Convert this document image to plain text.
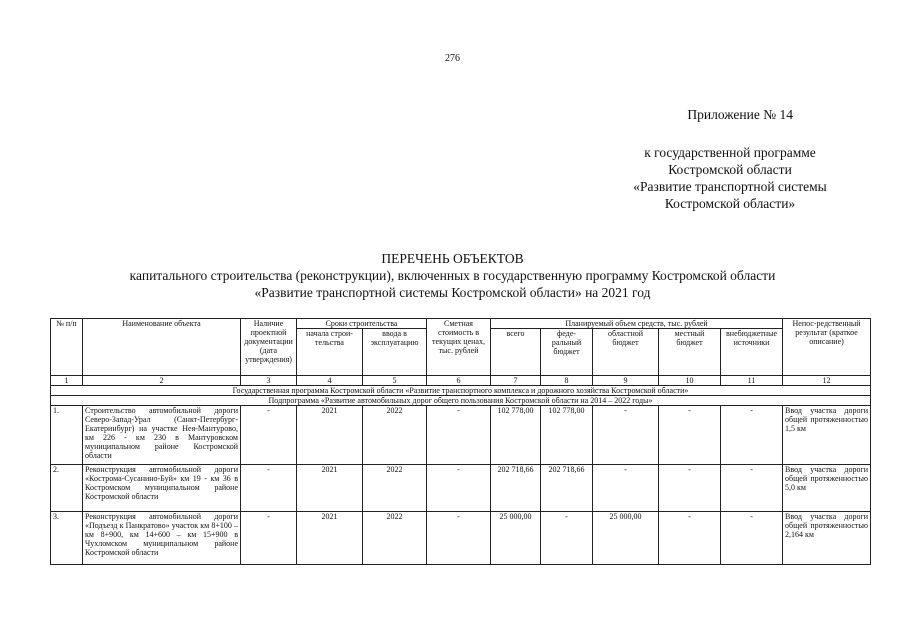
276
Приложение № 14
к государственной программе
Костромской области
«Развитие транспортной системы
Костромской области»
ПЕРЕЧЕНЬ ОБЪЕКТОВ
капитального строительства (реконструкции), включенных в государственную программу Костромской области
«Развитие транспортной системы Костромской области» на 2021 год
№ п/п	Наименование объекта	Наличие проектной документации (дата утверждения)	Сроки строительства		Сметная стоимость в текущих ценах, тыс. рублей	Планируемый объем средств, тыс. рублей					Непос-редственный результат (краткое описание)
			начала строи-тельства	ввода в эксплуатацию		всего	феде-ральный бюджет	областной бюджет	местный бюджет	внебюджетные источники	
1	2	3	4	5	6	7	8	9	10	11	12
Государственная программа Костромской области «Развитие транспортного комплекса и дорожного хозяйства Костромской области»											
Подпрограмма «Развитие автомобильных дорог общего пользования Костромской области на 2014 – 2022 годы»											
1.	Строительство автомобильной дороги Северо-Запад-Урал (Санкт-Петербург-Екатеринбург) на участке Нея-Мантурово, км 226 - км 230 в Мантуровском муниципальном районе Костромской области	-	2021	2022	-	102 778,00	102 778,00	-	-	-	Ввод участка дороги общей протяженностью 1,5 км
2.	Реконструкция автомобильной дороги «Кострома-Сусанино-Буй» км 19 - км 36 в Костромском муниципальном районе Костромской области	-	2021	2022	-	202 718,66	202 718,66	-	-	-	Ввод участка дороги общей протяженностью 5,0 км
3.	Реконструкция автомобильной дороги «Подъезд к Панкратово» участок км 8+100 – км 8+900, км 14+600 – км 15+900 в Чухломском муниципальном районе Костромской области	-	2021	2022	-	25 000,00	-	25 000,00	-	-	Ввод участка дороги общей протяженностью 2,164 км
